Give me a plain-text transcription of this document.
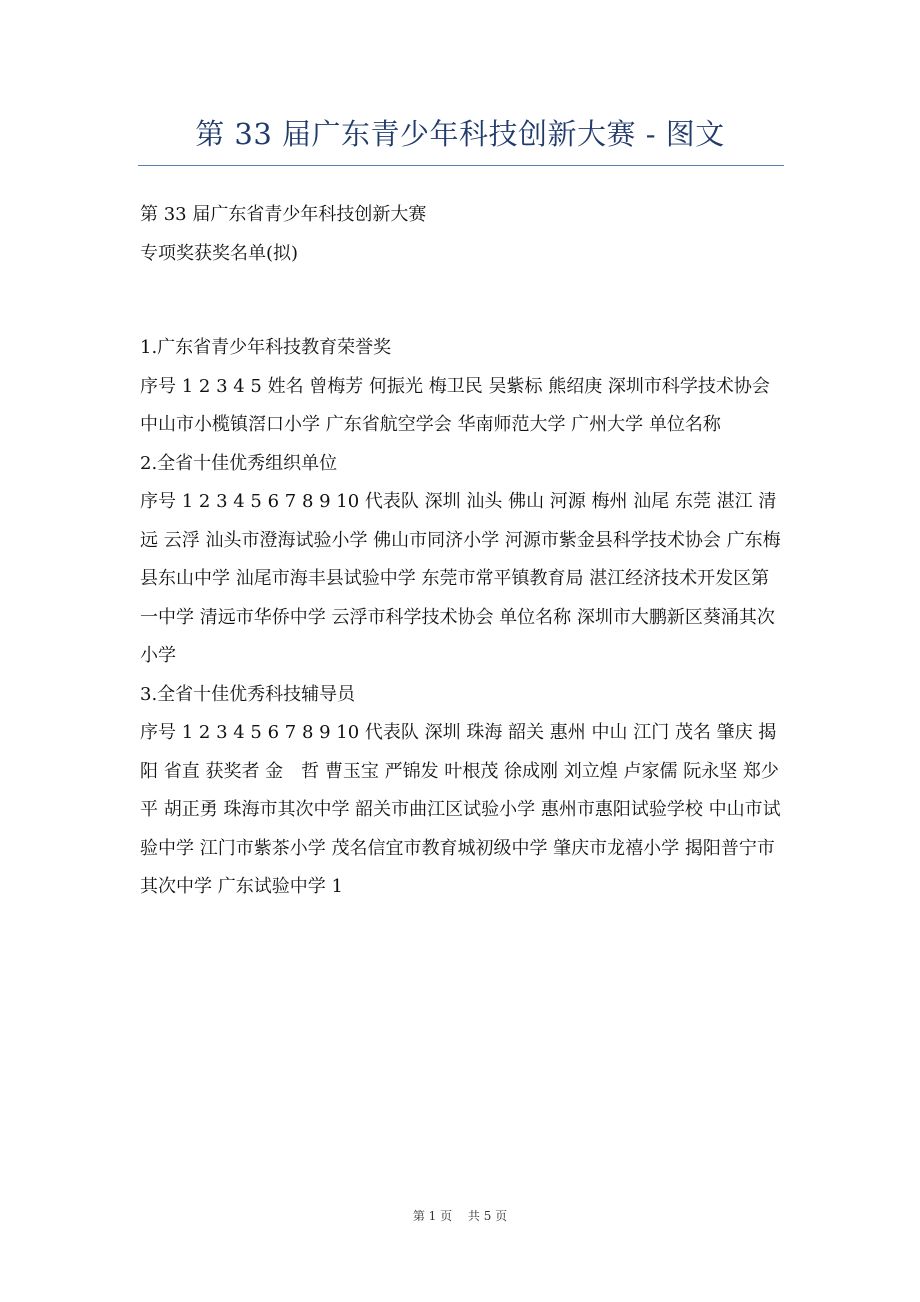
第 33 届广东青少年科技创新大赛 - 图文

第 33 届广东省青少年科技创新大赛

专项奖获奖名单(拟)

1.广东省青少年科技教育荣誉奖

序号 1 2 3 4 5 姓名 曾梅芳 何振光 梅卫民 吴紫标 熊绍庚 深圳市科学技术协会 中山市小榄镇滘口小学 广东省航空学会 华南师范大学 广州大学 单位名称

2.全省十佳优秀组织单位

序号 1 2 3 4 5 6 7 8 9 10 代表队 深圳 汕头 佛山 河源 梅州 汕尾 东莞 湛江 清远 云浮 汕头市澄海试验小学 佛山市同济小学 河源市紫金县科学技术协会 广东梅县东山中学 汕尾市海丰县试验中学 东莞市常平镇教育局 湛江经济技术开发区第一中学 清远市华侨中学 云浮市科学技术协会 单位名称 深圳市大鹏新区葵涌其次小学

3.全省十佳优秀科技辅导员

序号 1 2 3 4 5 6 7 8 9 10 代表队 深圳 珠海 韶关 惠州 中山 江门 茂名 肇庆 揭阳 省直 获奖者 金　哲 曹玉宝 严锦发 叶根茂 徐成刚 刘立煌 卢家儒 阮永坚 郑少平 胡正勇 珠海市其次中学 韶关市曲江区试验小学 惠州市惠阳试验学校 中山市试验中学 江门市紫茶小学 茂名信宜市教育城初级中学 肇庆市龙禧小学 揭阳普宁市其次中学 广东试验中学 1

第 1 页 共 5 页
